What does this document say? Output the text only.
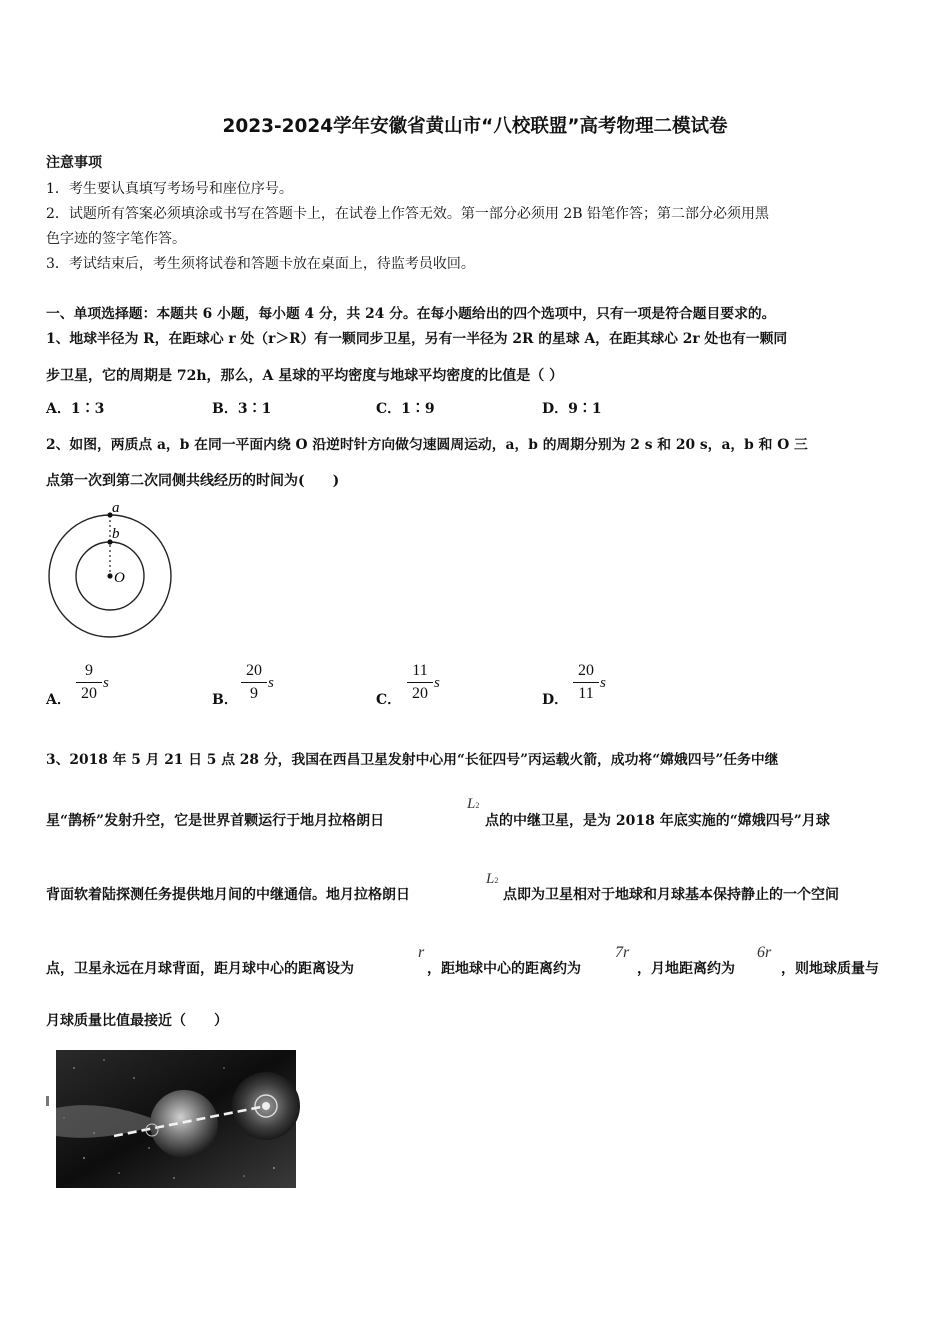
2023-2024学年安徽省黄山市“八校联盟”高考物理二模试卷
注意事项
1．考生要认真填写考场号和座位序号。
2．试题所有答案必须填涂或书写在答题卡上，在试卷上作答无效。第一部分必须用 2B 铅笔作答；第二部分必须用黑
色字迹的签字笔作答。
3．考试结束后，考生须将试卷和答题卡放在桌面上，待监考员收回。
一、单项选择题：本题共 6 小题，每小题 4 分，共 24 分。在每小题给出的四个选项中，只有一项是符合题目要求的。
1、地球半径为 R，在距球心 r 处（r＞R）有一颗同步卫星，另有一半径为 2R 的星球 A，在距其球心 2r 处也有一颗同
步卫星，它的周期是 72h，那么，A 星球的平均密度与地球平均密度的比值是（ ）
A．1∶3	B．3∶1	C．1∶9	D．9∶1
2、如图，两质点 a，b 在同一平面内绕 O 沿逆时针方向做匀速圆周运动，a，b 的周期分别为 2 s 和 20 s，a，b 和 O 三
点第一次到第二次同侧共线经历的时间为(　　)
a
b
O
A．
9
20
s
B．
20
9
s
C．
11
20
s
D．
20
11
s
3、2018 年 5 月 21 日 5 点 28 分，我国在西昌卫星发射中心用“长征四号”丙运载火箭，成功将“嫦娥四号”任务中继
星“鹊桥”发射升空，它是世界首颗运行于地月拉格朗日
L2
点的中继卫星，是为 2018 年底实施的“嫦娥四号”月球
背面软着陆探测任务提供地月间的中继通信。地月拉格朗日
L2
点即为卫星相对于地球和月球基本保持静止的一个空间
点，卫星永远在月球背面，距月球中心的距离设为
r
，距地球中心的距离约为
7r
，月地距离约为
6r
，则地球质量与
月球质量比值最接近（　　）
